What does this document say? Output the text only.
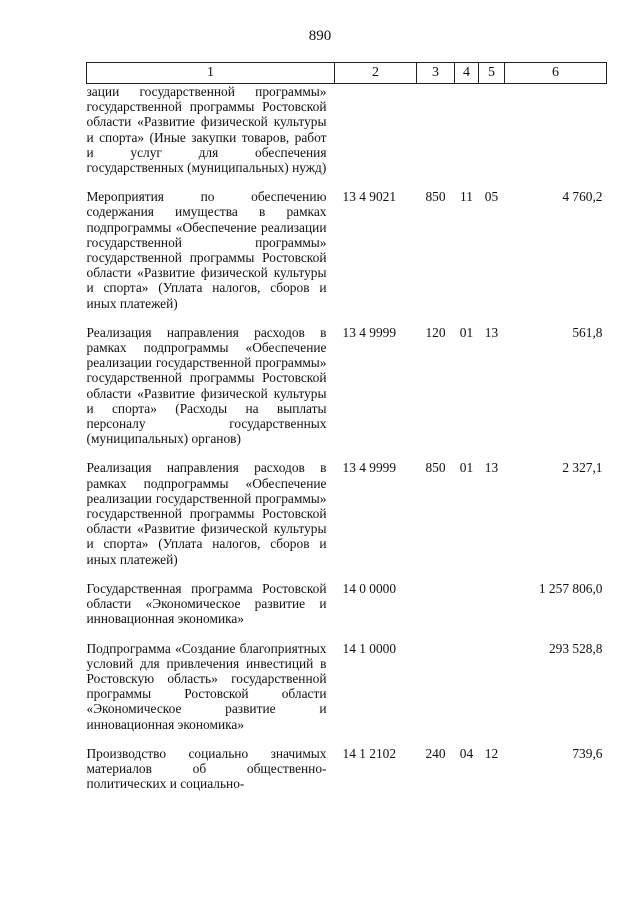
890
1	2	3	4	5	6
зации государственной программы» государственной программы Ростовской области «Развитие физической культуры и спорта» (Иные закупки товаров, работ и услуг для обеспечения государственных (муниципальных) нужд)					
Мероприятия по обеспечению содержания имущества в рамках подпрограммы «Обеспечение реализации государственной программы» государственной программы Ростовской области «Развитие физической культуры и спорта» (Уплата налогов, сборов и иных платежей)	13 4 9021	850	11	05	4 760,2
Реализация направления расходов в рамках подпрограммы «Обеспечение реализации государственной программы» государственной программы Ростовской области «Развитие физической культуры и спорта» (Расходы на выплаты персоналу государственных (муниципальных) органов)	13 4 9999	120	01	13	561,8
Реализация направления расходов в рамках подпрограммы «Обеспечение реализации государственной программы» государственной программы Ростовской области «Развитие физической культуры и спорта» (Уплата налогов, сборов и иных платежей)	13 4 9999	850	01	13	2 327,1
Государственная программа Ростовской области «Экономическое развитие и инновационная экономика»	14 0 0000				1 257 806,0
Подпрограмма «Создание благоприятных условий для привлечения инвестиций в Ростовскую область» государственной программы Ростовской области «Экономическое развитие и инновационная экономика»	14 1 0000				293 528,8
Производство социально значимых материалов об общественно-политических и социально-	14 1 2102	240	04	12	739,6
